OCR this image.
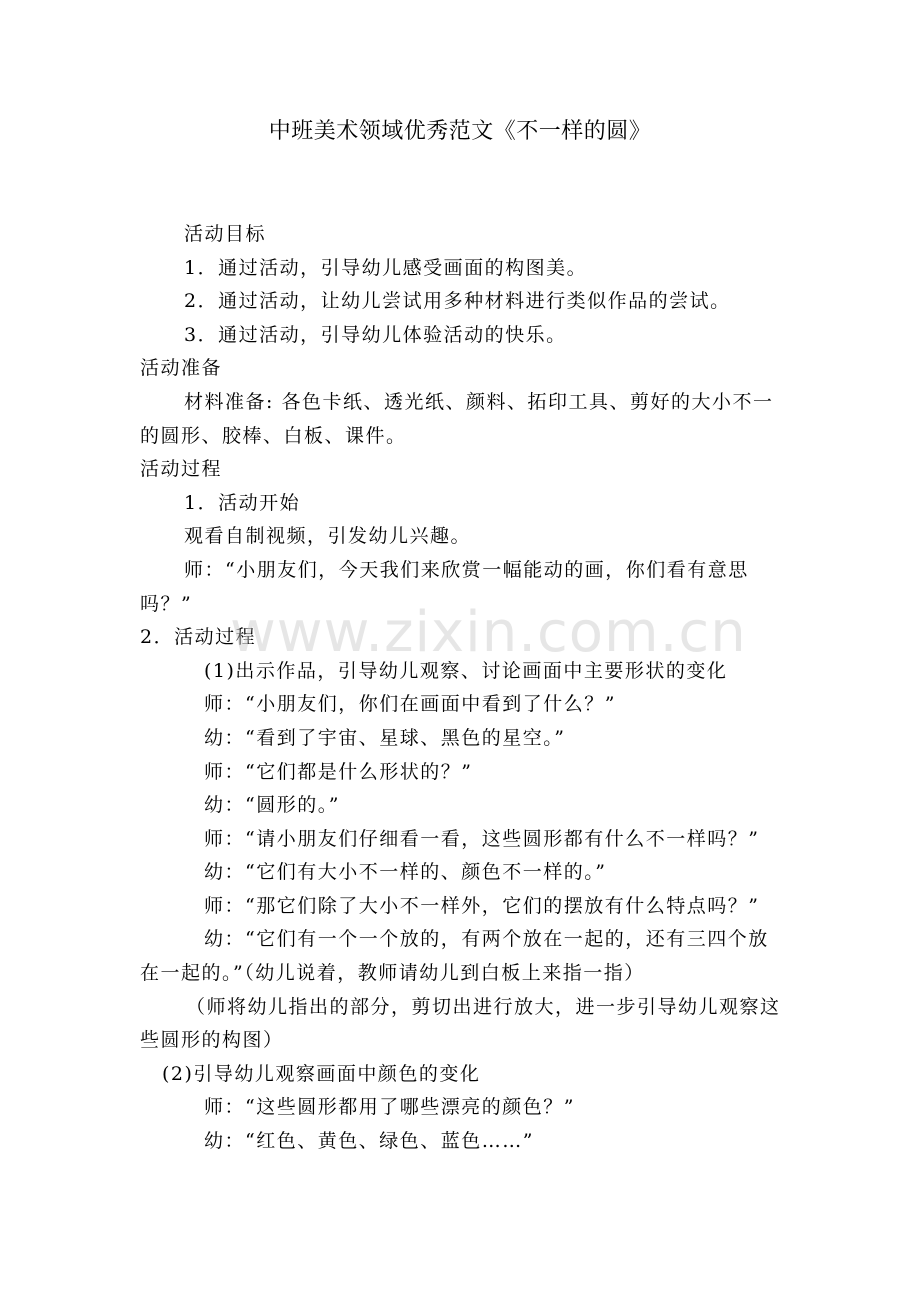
中班美术领域优秀范文《不一样的圆》

活动目标

1．通过活动，引导幼儿感受画面的构图美。

2．通过活动，让幼儿尝试用多种材料进行类似作品的尝试。

3．通过活动，引导幼儿体验活动的快乐。

活动准备

材料准备: 各色卡纸、透光纸、颜料、拓印工具、剪好的大小不一的圆形、胶棒、白板、课件。

活动过程

1．活动开始

观看自制视频，引发幼儿兴趣。

师：“小朋友们，今天我们来欣赏一幅能动的画，你们看有意思吗？”

2．活动过程

(1)出示作品，引导幼儿观察、讨论画面中主要形状的变化

师：“小朋友们，你们在画面中看到了什么？”

幼：“看到了宇宙、星球、黑色的星空。”

师：“它们都是什么形状的？”

幼：“圆形的。”

师：“请小朋友们仔细看一看，这些圆形都有什么不一样吗？”

幼：“它们有大小不一样的、颜色不一样的。”

师：“那它们除了大小不一样外，它们的摆放有什么特点吗？”

幼：“它们有一个一个放的，有两个放在一起的，还有三四个放在一起的。”（幼儿说着，教师请幼儿到白板上来指一指）

（师将幼儿指出的部分，剪切出进行放大，进一步引导幼儿观察这些圆形的构图）

(2)引导幼儿观察画面中颜色的变化

师：“这些圆形都用了哪些漂亮的颜色？”

幼：“红色、黄色、绿色、蓝色……”

www.zixin.com.cn
